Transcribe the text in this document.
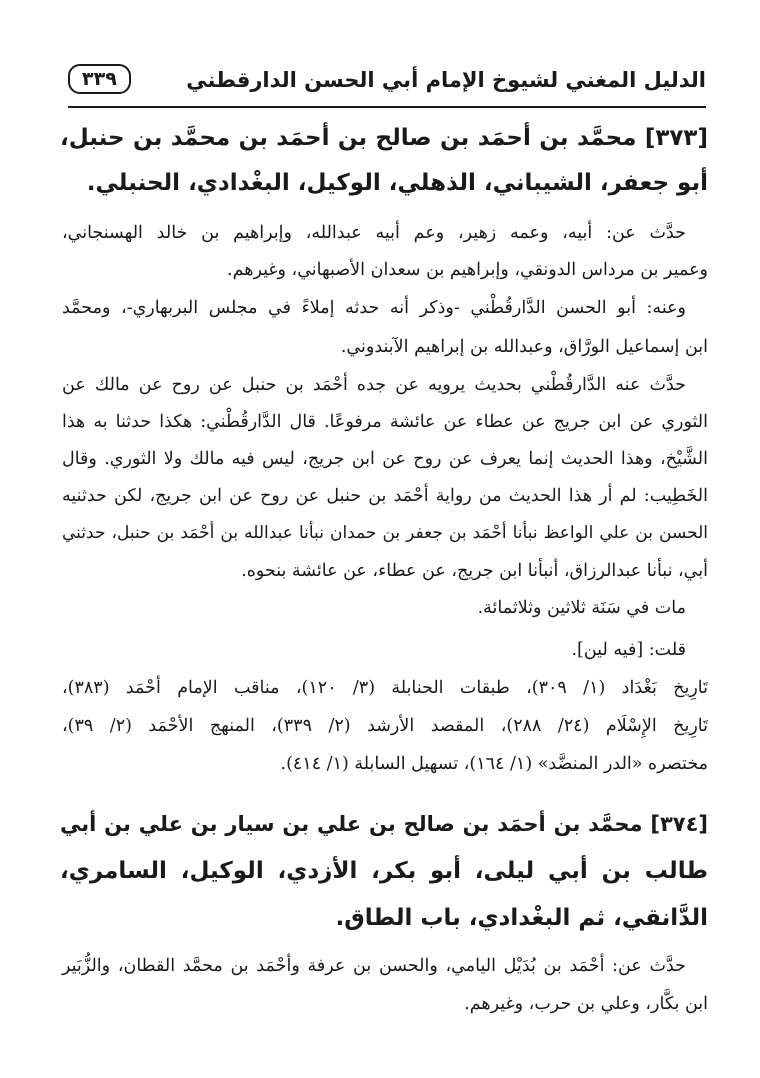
الدليل المغني لشيوخ الإمام أبي الحسن الدارقطني
٣٣٩
[٣٧٣] محمَّد بن أحمَد بن صالح بن أحمَد بن محمَّد بن حنبل،
أبو جعفر، الشيباني، الذهلي، الوكيل، البغْدادي، الحنبلي.
حدَّث عن: أبيه، وعمه زهير، وعم أبيه عبدالله، وإبراهيم بن خالد الهسنجاني،
وعمير بن مرداس الدونقي، وإبراهيم بن سعدان الأصبهاني، وغيرهم.
وعنه: أبو الحسن الدَّارقُطْني -وذكر أنه حدثه إملاءً في مجلس البربهاري-، ومحمَّد
ابن إسماعيل الورَّاق، وعبدالله بن إبراهيم الآبندوني.
حدَّث عنه الدَّارقُطْني بحديث يرويه عن جده أحْمَد بن حنبل عن روح عن مالك عن
الثوري عن ابن جريج عن عطاء عن عائشة مرفوعًا. قال الدَّارقُطْني: هكذا حدثنا به هذا
الشَّيْخ، وهذا الحديث إنما يعرف عن روح عن ابن جريج، ليس فيه مالك ولا الثوري. وقال
الخَطِيب: لم أر هذا الحديث من رواية أحْمَد بن حنبل عن روح عن ابن جريج، لكن حدثنيه
الحسن بن علي الواعظ نبأنا أحْمَد بن جعفر بن حمدان نبأنا عبدالله بن أحْمَد بن حنبل، حدثني
أبي، نبأنا عبدالرزاق، أنبأنا ابن جريج، عن عطاء، عن عائشة بنحوه.
مات في سَنَة ثلاثين وثلاثمائة.
قلت: [فيه لين].
تَارِيخ بَغْدَاد (١/ ٣٠٩)، طبقات الحنابلة (٣/ ١٢٠)، مناقب الإمام أحْمَد (٣٨٣)،
تَارِيخ الإِسْلَام (٢٤/ ٢٨٨)، المقصد الأرشد (٢/ ٣٣٩)، المنهج الأحْمَد (٢/ ٣٩)،
مختصره «الدر المنضَّد» (١/ ١٦٤)، تسهيل السابلة (١/ ٤١٤).
[٣٧٤] محمَّد بن أحمَد بن صالح بن علي بن سيار بن علي بن أبي
طالب بن أبي ليلى، أبو بكر، الأزدي، الوكيل، السامري،
الدَّانقي، ثم البغْدادي، باب الطاق.
حدَّث عن: أحْمَد بن بُدَيْل اليامي، والحسن بن عرفة وأحْمَد بن محمَّد القطان، والزُّبَير
ابن بكَّار، وعلي بن حرب، وغيرهم.
